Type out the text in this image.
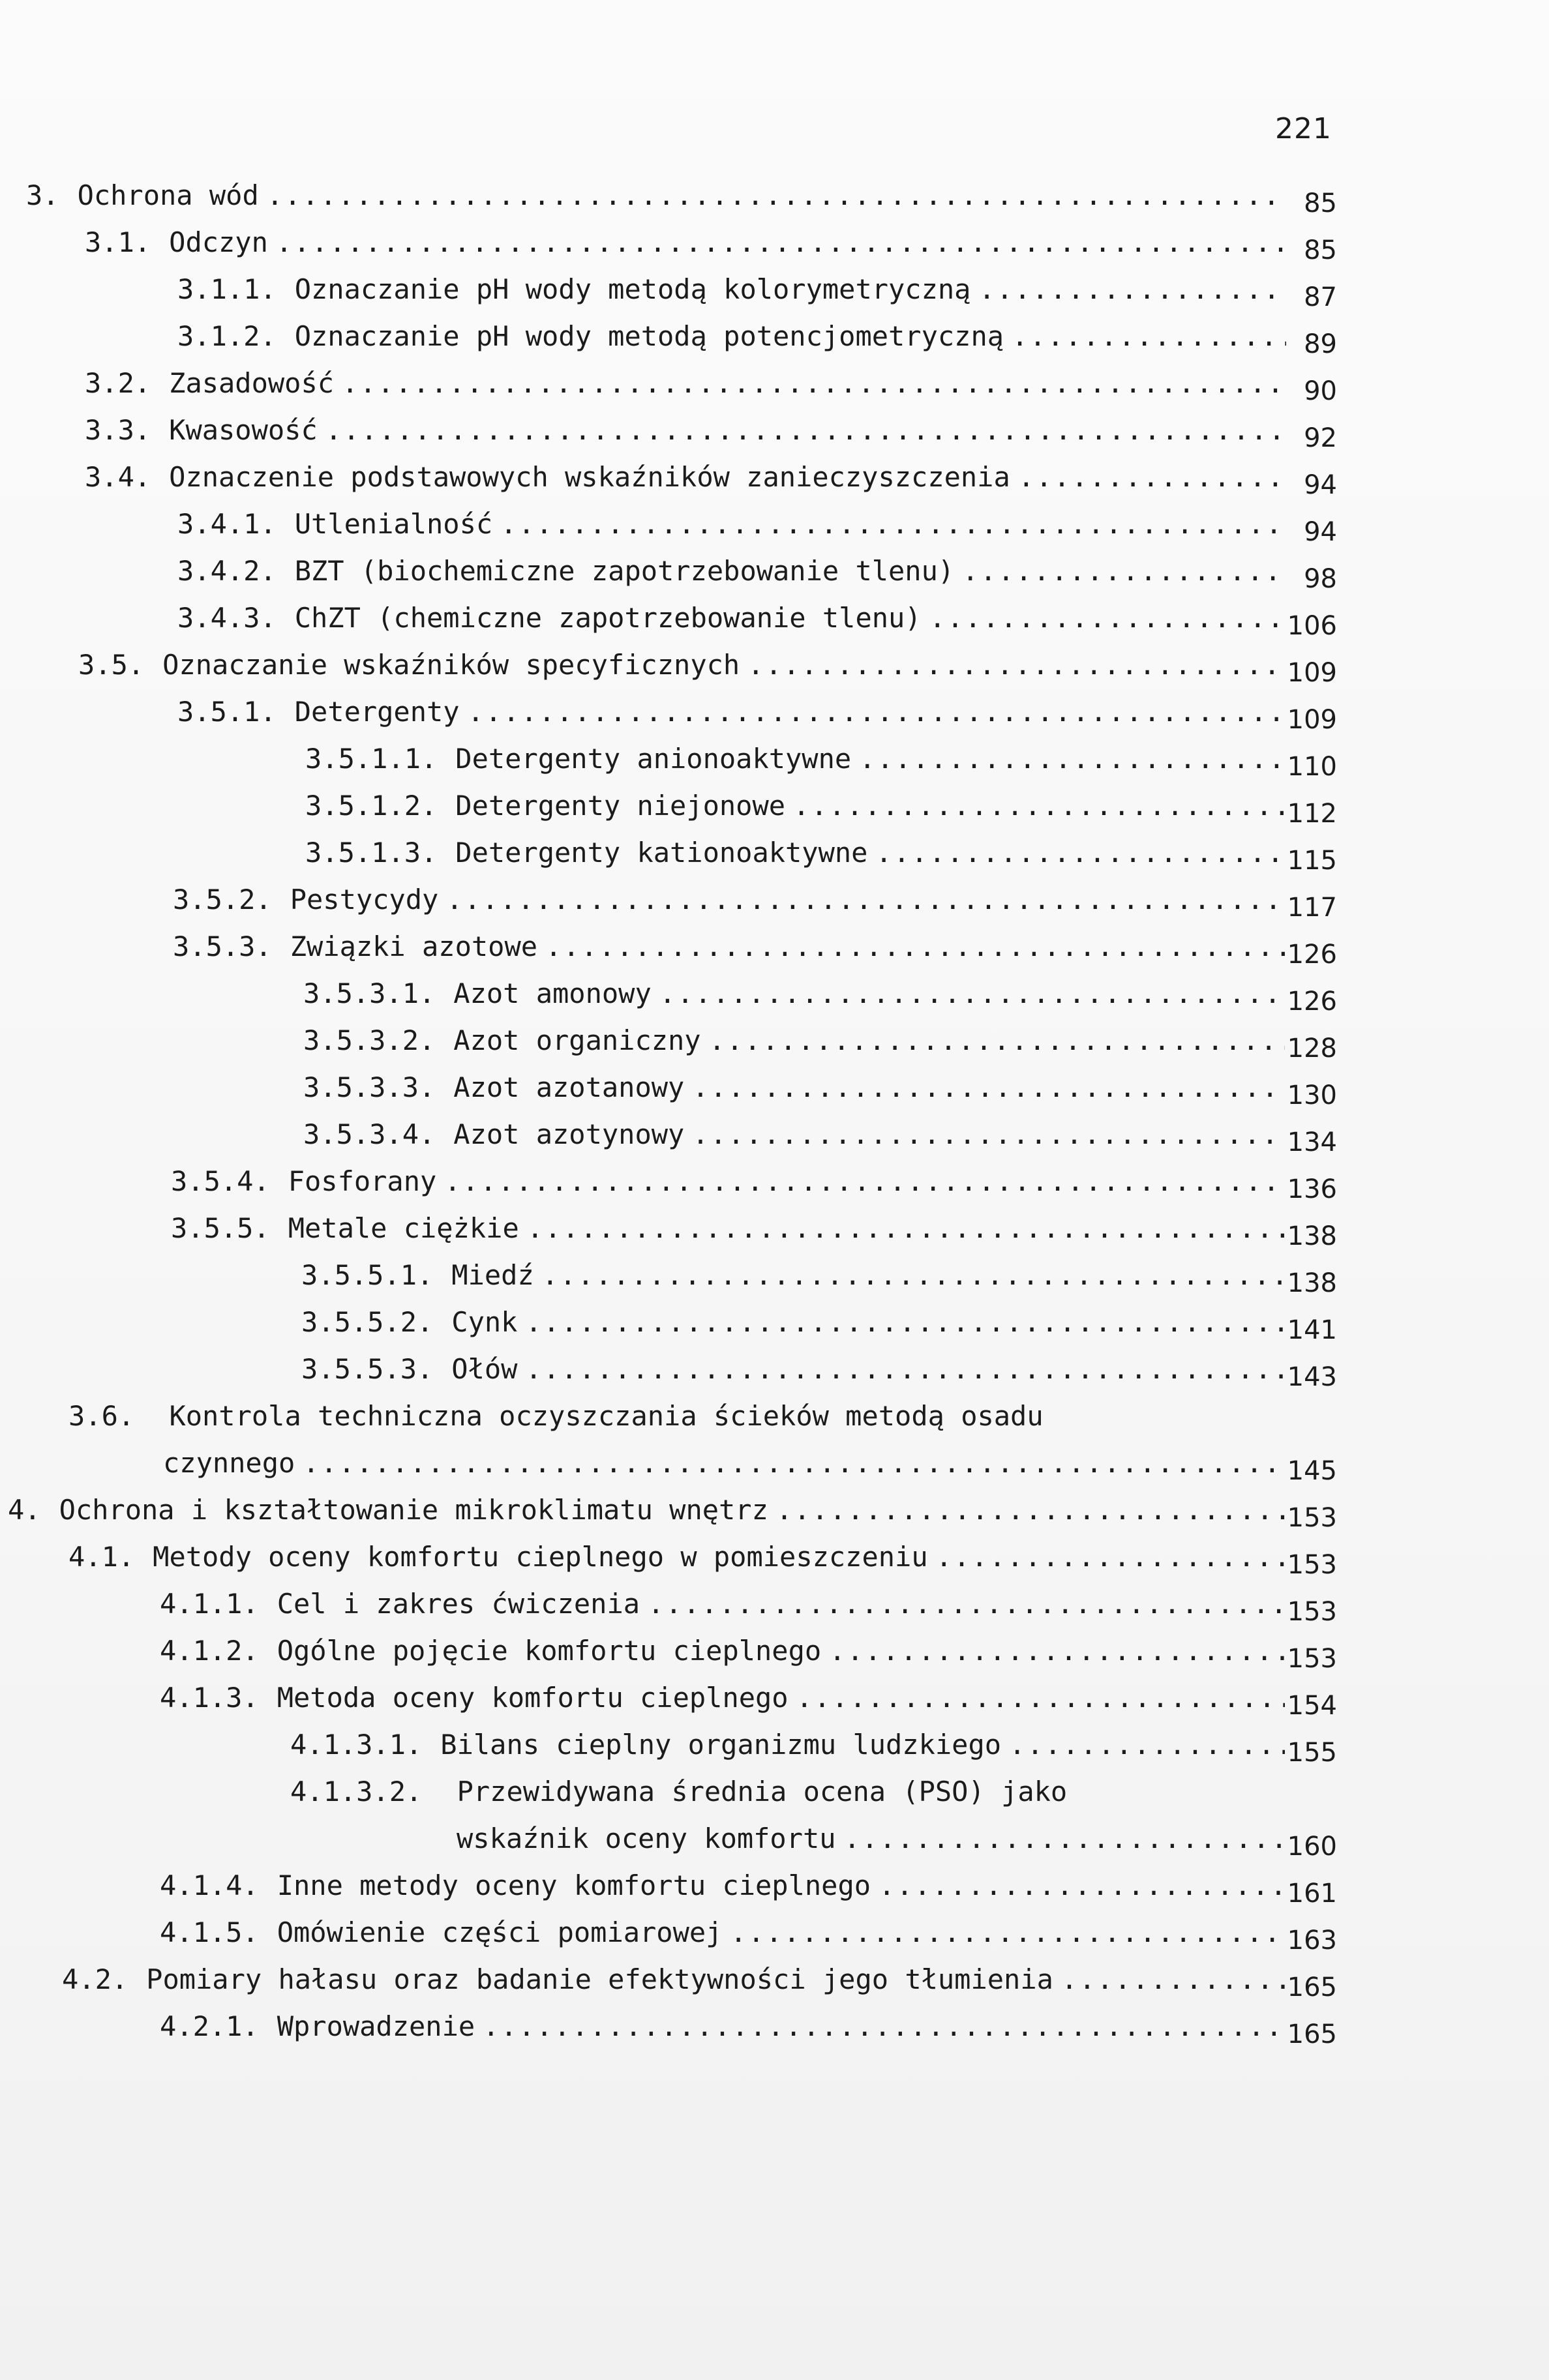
221
3. Ochrona wód .....	85
3.1. Odczyn .....	85
3.1.1. Oznaczanie pH wody metodą kolorymetryczną .....	87
3.1.2. Oznaczanie pH wody metodą potencjometryczną .....	89
3.2. Zasadowość .....	90
3.3. Kwasowość .....	92
3.4. Oznaczenie podstawowych wskaźników zanieczyszczenia .....	94
3.4.1. Utlenialność .....	94
3.4.2. BZT (biochemiczne zapotrzebowanie tlenu) .....	98
3.4.3. ChZT (chemiczne zapotrzebowanie tlenu) .....	106
3.5. Oznaczanie wskaźników specyficznych .....	109
3.5.1. Detergenty .....	109
3.5.1.1. Detergenty anionoaktywne .....	110
3.5.1.2. Detergenty niejonowe .....	112
3.5.1.3. Detergenty kationoaktywne .....	115
3.5.2. Pestycydy .....	117
3.5.3. Związki azotowe .....	126
3.5.3.1. Azot amonowy .....	126
3.5.3.2. Azot organiczny .....	128
3.5.3.3. Azot azotanowy .....	130
3.5.3.4. Azot azotynowy .....	134
3.5.4. Fosforany .....	136
3.5.5. Metale ciężkie .....	138
3.5.5.1. Miedź .....	138
3.5.5.2. Cynk .....	141
3.5.5.3. Ołów .....	143
3.6. Kontrola techniczna oczyszczania ścieków metodą osadu
czynnego .....	145
4. Ochrona i kształtowanie mikroklimatu wnętrz .....	153
4.1. Metody oceny komfortu cieplnego w pomieszczeniu .....	153
4.1.1. Cel i zakres ćwiczenia .....	153
4.1.2. Ogólne pojęcie komfortu cieplnego .....	153
4.1.3. Metoda oceny komfortu cieplnego .....	154
4.1.3.1. Bilans cieplny organizmu ludzkiego .....	155
4.1.3.2. Przewidywana średnia ocena (PSO) jako
wskaźnik oceny komfortu .....	160
4.1.4. Inne metody oceny komfortu cieplnego .....	161
4.1.5. Omówienie części pomiarowej .....	163
4.2. Pomiary hałasu oraz badanie efektywności jego tłumienia .....	165
4.2.1. Wprowadzenie .....	165
